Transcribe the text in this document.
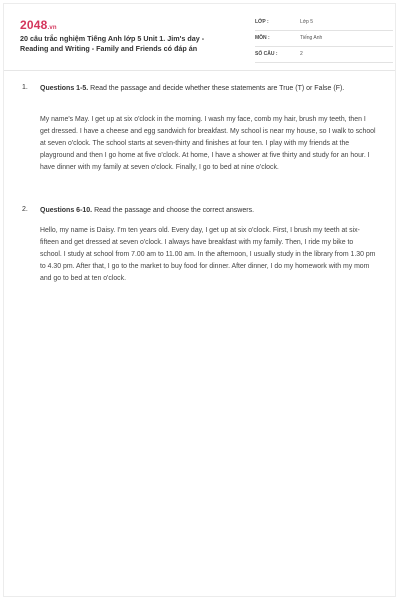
2048.vn
20 câu trắc nghiệm Tiếng Anh lớp 5 Unit 1. Jim's day - Reading and Writing - Family and Friends có đáp án
LỚP :	Lớp 5
MÔN :	Tiếng Anh
SỐ CÂU :	2
1. Questions 1-5. Read the passage and decide whether these statements are True (T) or False (F).
My name's May. I get up at six o'clock in the morning. I wash my face, comb my hair, brush my teeth, then I get dressed. I have a cheese and egg sandwich for breakfast. My school is near my house, so I walk to school at seven o'clock. The school starts at seven-thirty and finishes at four ten. I play with my friends at the playground and then I go home at five o'clock. At home, I have a shower at five thirty and study for an hour. I have dinner with my family at seven o'clock. Finally, I go to bed at nine o'clock.
2. Questions 6-10. Read the passage and choose the correct answers.
Hello, my name is Daisy. I'm ten years old. Every day, I get up at six o'clock. First, I brush my teeth at six-fifteen and get dressed at seven o'clock. I always have breakfast with my family. Then, I ride my bike to school. I study at school from 7.00 am to 11.00 am. In the afternoon, I usually study in the library from 1.30 pm to 4.30 pm. After that, I go to the market to buy food for dinner. After dinner, I do my homework with my mom and go to bed at ten o'clock.
